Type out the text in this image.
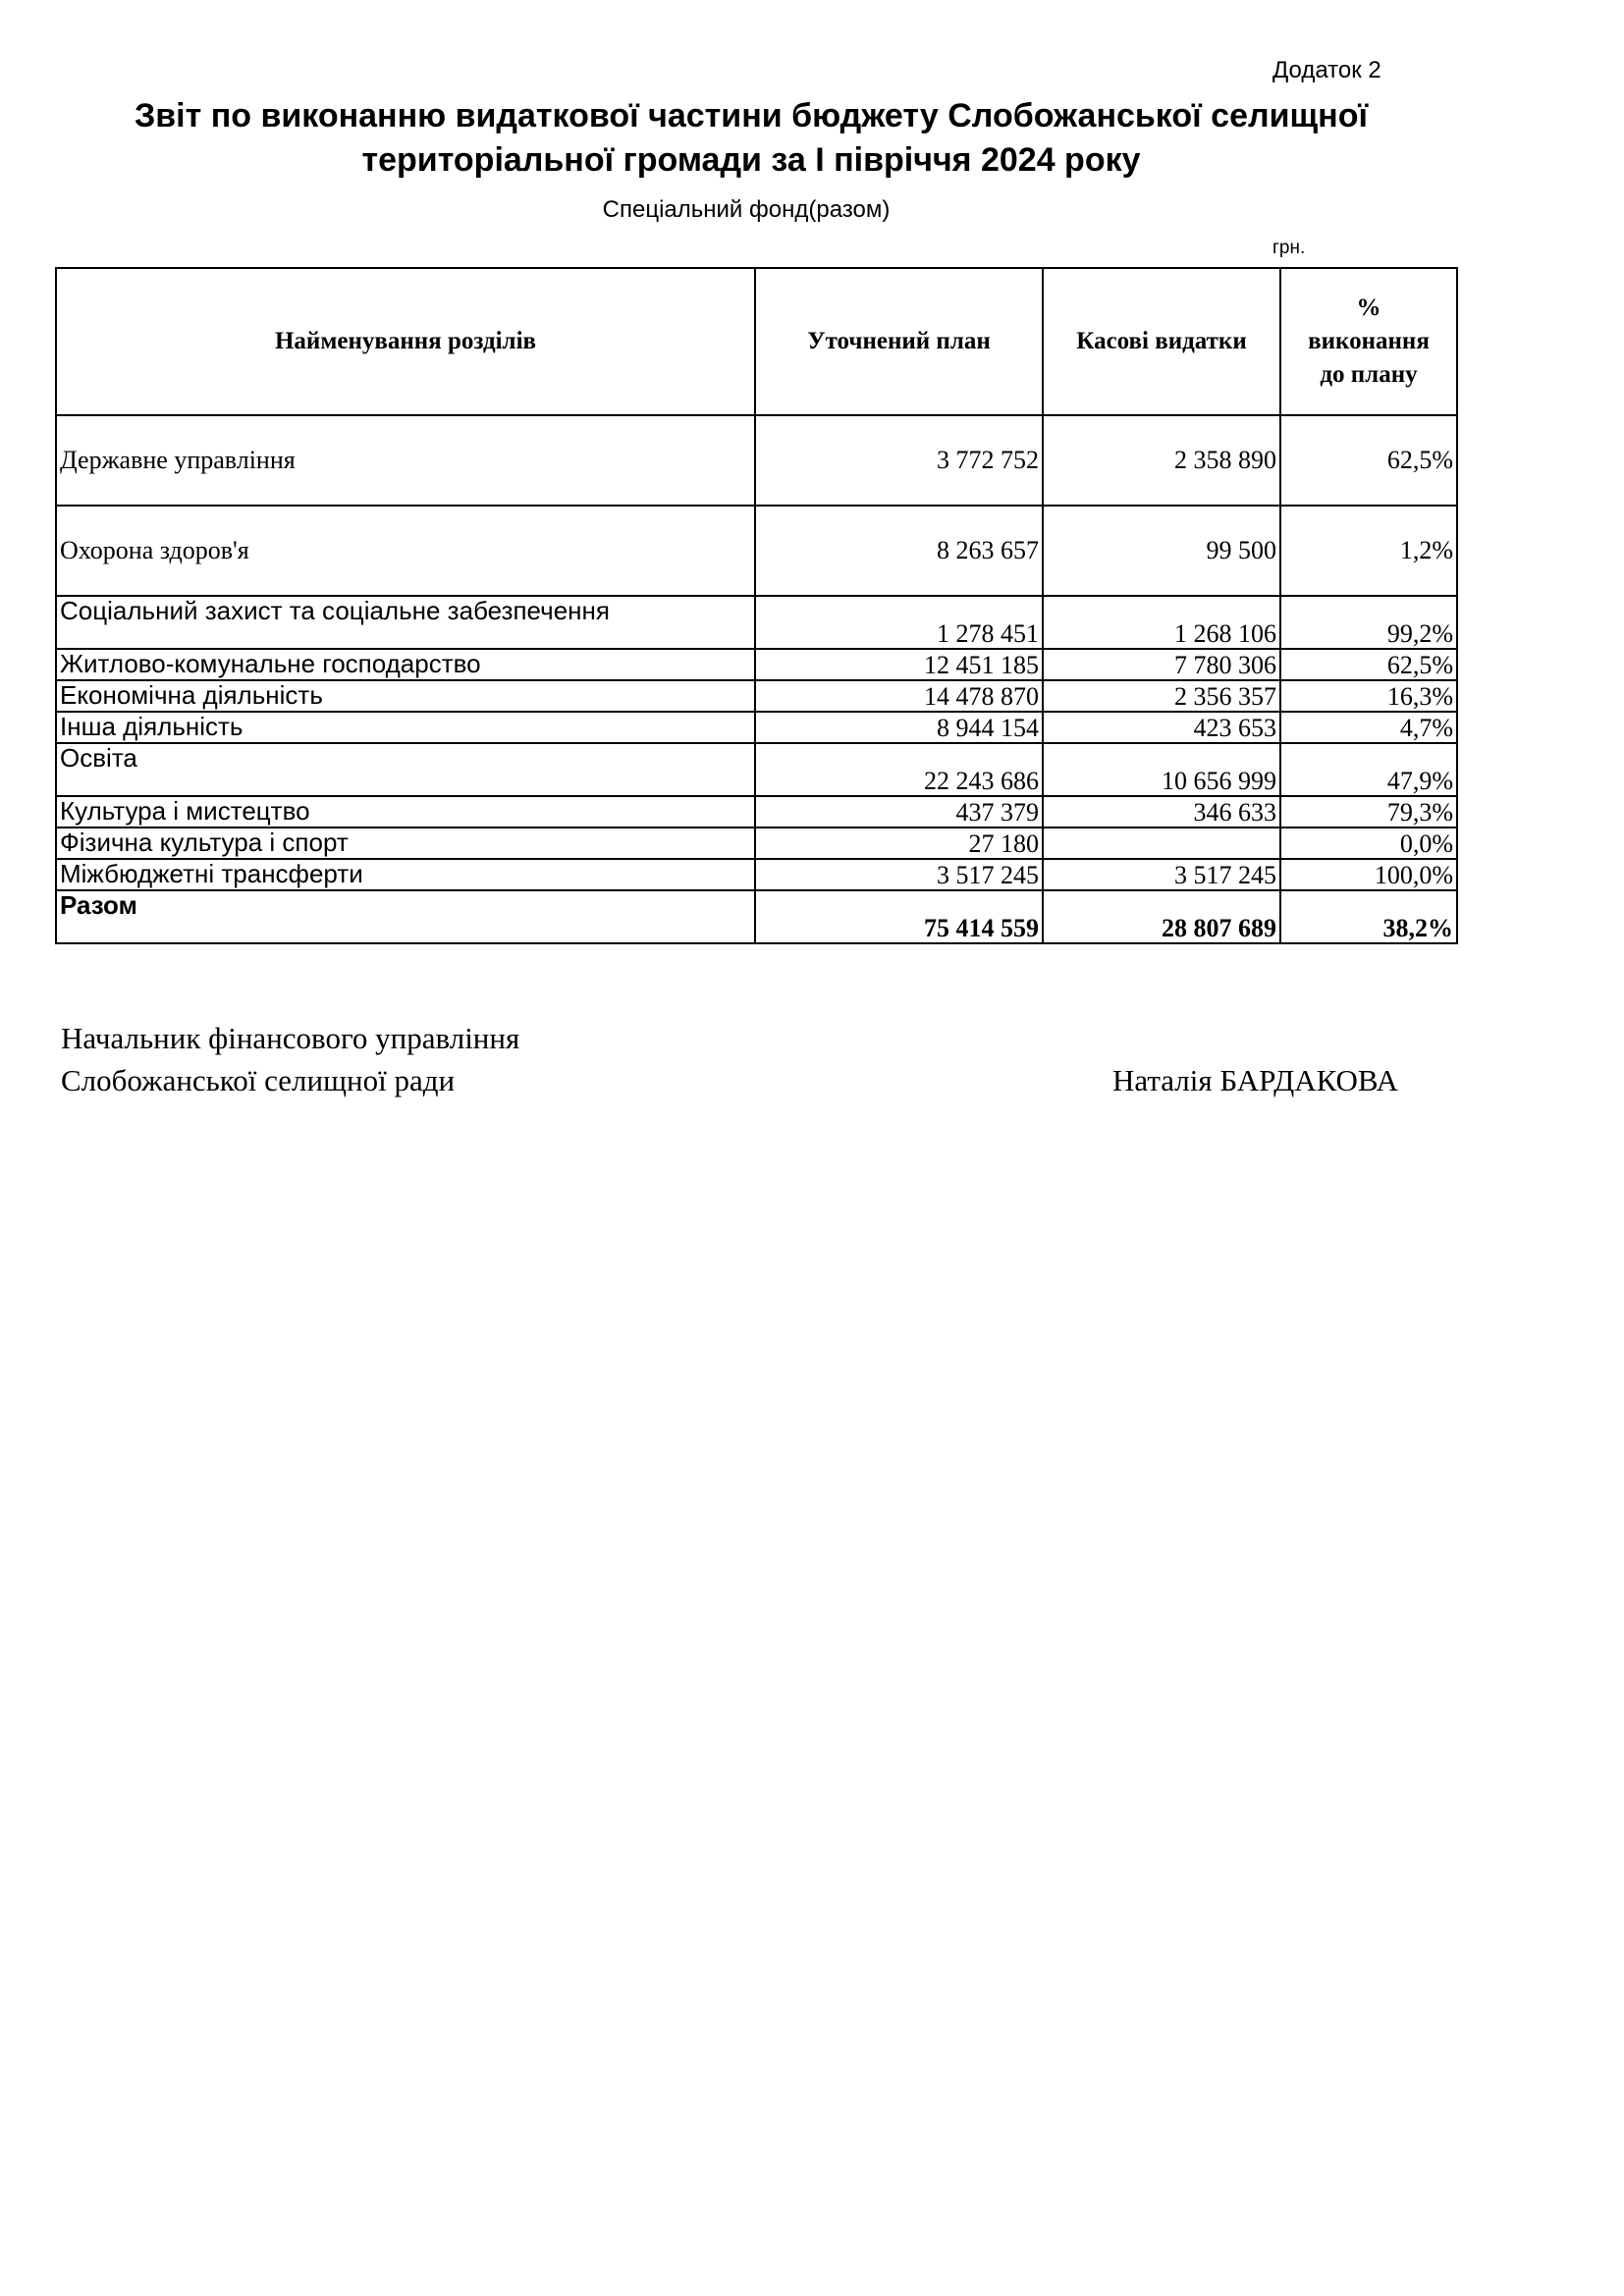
Додаток 2
Звіт по виконанню видаткової частини бюджету Слобожанської селищної
територіальної громади за I півріччя 2024 року
Спеціальний фонд(разом)
грн.
Найменування розділів	Уточнений план	Касові видатки	%
виконання
до плану

Державне управління	3 772 752	2 358 890	62,5%
Охорона здоров'я	8 263 657	99 500	1,2%
Соціальний захист та соціальне забезпечення	1 278 451	1 268 106	99,2%
Житлово-комунальне господарство	12 451 185	7 780 306	62,5%
Економічна діяльність	14 478 870	2 356 357	16,3%
Інша діяльність	8 944 154	423 653	4,7%
Освіта	22 243 686	10 656 999	47,9%
Культура і мистецтво	437 379	346 633	79,3%
Фізична культура і спорт	27 180		0,0%
Міжбюджетні трансферти	3 517 245	3 517 245	100,0%
Разом	75 414 559	28 807 689	38,2%
Начальник фінансового управління
Слобожанської селищної ради	Наталія БАРДАКОВА
